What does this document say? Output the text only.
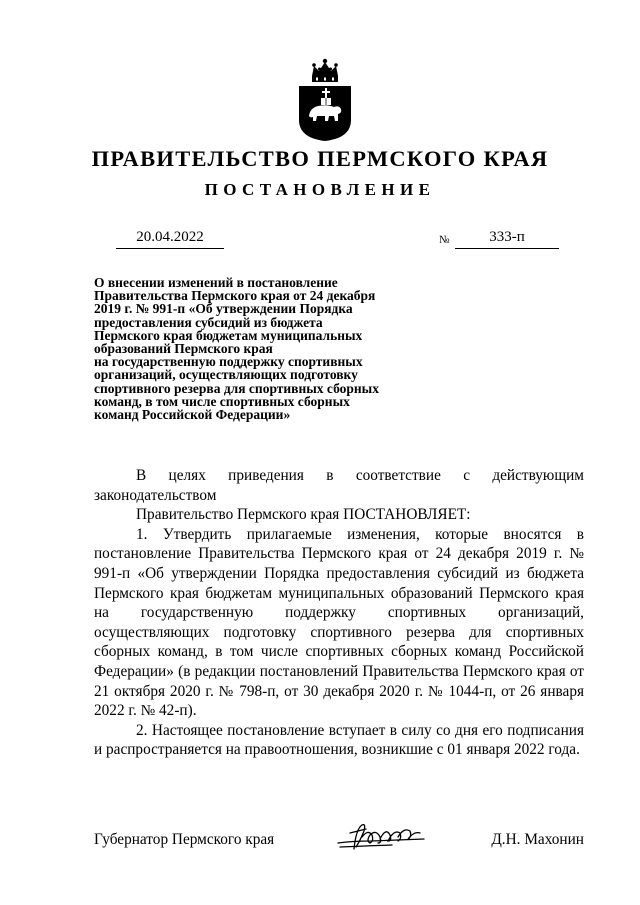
ПРАВИТЕЛЬСТВО ПЕРМСКОГО КРАЯ
ПОСТАНОВЛЕНИЕ
20.04.2022	№	333-п
О внесении изменений в постановление
Правительства Пермского края от 24 декабря
2019 г. № 991-п «Об утверждении Порядка
предоставления субсидий из бюджета
Пермского края бюджетам муниципальных
образований Пермского края
на государственную поддержку спортивных
организаций, осуществляющих подготовку
спортивного резерва для спортивных сборных
команд, в том числе спортивных сборных
команд Российской Федерации»

В целях приведения в соответствие с действующим законодательством

Правительство Пермского края ПОСТАНОВЛЯЕТ:

1. Утвердить прилагаемые изменения, которые вносятся в постановление Правительства Пермского края от 24 декабря 2019 г. № 991-п «Об утверждении Порядка предоставления субсидий из бюджета Пермского края бюджетам муниципальных образований Пермского края на государственную поддержку спортивных организаций, осуществляющих подготовку спортивного резерва для спортивных сборных команд, в том числе спортивных сборных команд Российской Федерации» (в редакции постановлений Правительства Пермского края от 21 октября 2020 г. № 798-п, от 30 декабря 2020 г. № 1044-п, от 26 января 2022 г. № 42-п).

2. Настоящее постановление вступает в силу со дня его подписания и распространяется на правоотношения, возникшие с 01 января 2022 года.

Губернатор Пермского края	Д.Н. Махонин
